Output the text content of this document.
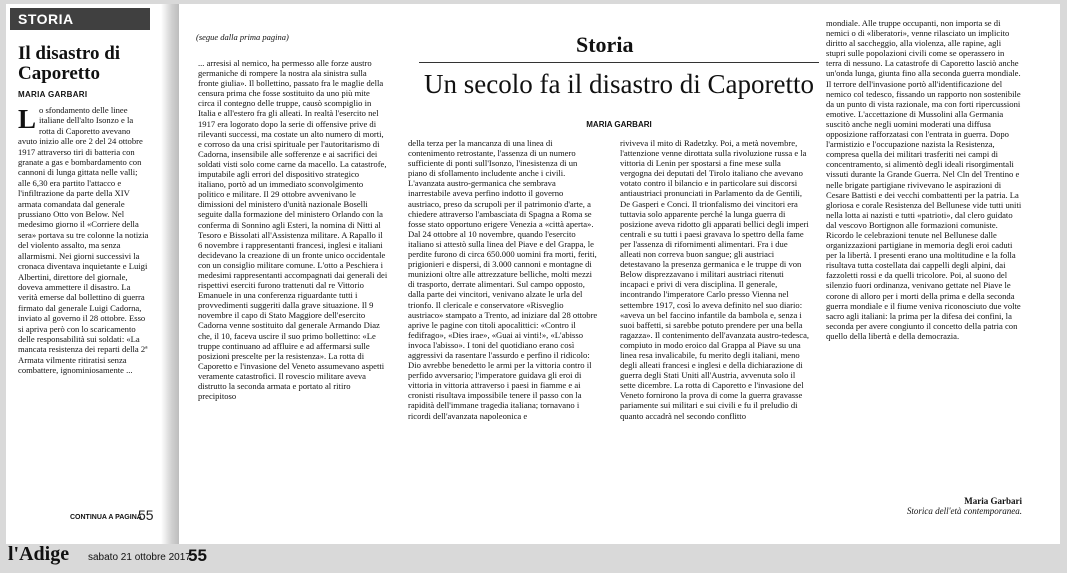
STORIA
Il disastro di Caporetto
MARIA GARBARI
L o sfondamento delle linee italiane dell'alto Isonzo e la rotta di Caporetto avevano avuto inizio alle ore 2 del 24 ottobre 1917 attraverso tiri di batteria con granate a gas e bombardamento con cannoni di lunga gittata nelle valli; alle 6,30 era partito l'attacco e l'infiltrazione da parte della XIV armata comandata dal generale prussiano Otto von Below. Nel medesimo giorno il «Corriere della sera» portava su tre colonne la notizia del violento assalto, ma senza allarmismi. Nei giorni successivi la cronaca diventava inquietante e Luigi Albertini, direttore del giornale, doveva ammettere il disastro. La verità emerse dal bollettino di guerra firmato dal generale Luigi Cadorna, inviato al governo il 28 ottobre. Esso si apriva però con lo scaricamento delle responsabilità sui soldati: «La mancata resistenza dei reparti della 2ª Armata vilmente ritiratisi senza combattere, ignominiosamente ...
CONTINUA A PAGINA
55
(segue dalla prima pagina)	Storia
Un secolo fa il disastro di Caporetto
MARIA GARBARI

... arresisi al nemico, ha permesso alle forze austro germaniche di rompere la nostra ala sinistra sulla fronte giulia». Il bollettino, passato fra le maglie della censura prima che fosse sostituito da uno più mite circa il contegno delle truppe, causò scompiglio in Italia e all'estero fra gli alleati. In realtà l'esercito nel 1917 era logorato dopo la serie di offensive prive di rilevanti successi, ma costate un alto numero di morti, e corroso da una crisi spirituale per l'autoritarismo di Cadorna, insensibile alle sofferenze e ai sacrifici dei soldati visti solo come carne da macello. La catastrofe, imputabile agli errori del dispositivo strategico italiano, portò ad un immediato sconvolgimento politico e militare. Il 29 ottobre avvenivano le dimissioni del ministero d'unità nazionale Boselli seguite dalla formazione del ministero Orlando con la conferma di Sonnino agli Esteri, la nomina di Nitti al Tesoro e Bissolati all'Assistenza militare. A Rapallo il 6 novembre i rappresentanti francesi, inglesi e italiani decidevano la creazione di un fronte unico occidentale con un consiglio militare comune. L'otto a Peschiera i medesimi rappresentanti accompagnati dai generali dei rispettivi eserciti furono trattenuti dal re Vittorio Emanuele in una conferenza riguardante tutti i provvedimenti suggeriti dalla grave situazione. Il 9 novembre il capo di Stato Maggiore dell'esercito Cadorna venne sostituito dal generale Armando Diaz che, il 10, faceva uscire il suo primo bollettino: «Le truppe continuano ad affluire e ad affermarsi sulle posizioni prescelte per la resistenza». La rotta di Caporetto e l'invasione del Veneto assumevano aspetti veramente catastrofici. Il rovescio militare aveva distrutto la seconda armata e portato al ritiro precipitoso

della terza per la mancanza di una linea di contenimento retrostante, l'assenza di un numero sufficiente di ponti sull'Isonzo, l'inesistenza di un piano di sfollamento includente anche i civili. L'avanzata austro-germanica che sembrava inarrestabile aveva perfino indotto il governo austriaco, preso da scrupoli per il patrimonio d'arte, a chiedere attraverso l'ambasciata di Spagna a Roma se fosse stato opportuno erigere Venezia a «città aperta». Dal 24 ottobre al 10 novembre, quando l'esercito italiano si attestò sulla linea del Piave e del Grappa, le perdite furono di circa 650.000 uomini fra morti, feriti, prigionieri e dispersi, di 3.000 cannoni e montagne di munizioni oltre alle attrezzature belliche, molti mezzi di trasporto, derrate alimentari. Sul campo opposto, dalla parte dei vincitori, venivano alzate le urla del trionfo. Il clericale e conservatore «Risveglio austriaco» stampato a Trento, ad iniziare dal 28 ottobre aprive le pagine con titoli apocalittici: «Contro il fedifrago», «Dies irae», «Guai ai vinti!», «L'abisso invoca l'abisso». I toni del quotidiano erano così aggressivi da rasentare l'assurdo e perfino il ridicolo: Dio avrebbe benedetto le armi per la vittoria contro il perfido avversario; l'imperatore guidava gli eroi di vittoria in vittoria attraverso i paesi in fiamme e ai cronisti risultava impossibile tenere il passo con la rapidità dell'immane tragedia italiana; tornavano i ricordi dell'avanzata napoleonica e

riviveva il mito di Radetzky. Poi, a metà novembre, l'attenzione venne dirottata sulla rivoluzione russa e la vittoria di Lenin per spostarsi a fine mese sulla vergogna dei deputati del Tirolo italiano che avevano votato contro il bilancio e in particolare sui discorsi antiaustriaci pronunciati in Parlamento da de Gentili, De Gasperi e Conci. Il trionfalismo dei vincitori era tuttavia solo apparente perché la lunga guerra di posizione aveva ridotto gli apparati bellici degli imperi centrali e su tutti i paesi gravava lo spettro della fame per l'assenza di rifornimenti alimentari. Fra i due alleati non correva buon sangue; gli austriaci detestavano la presenza germanica e le truppe di von Below disprezzavano i militari austriaci ritenuti incapaci e privi di vera disciplina. Il generale, incontrando l'imperatore Carlo presso Vienna nel settembre 1917, così lo aveva definito nel suo diario: «aveva un bel faccino infantile da bambola e, senza i suoi baffetti, si sarebbe potuto prendere per una bella ragazza». Il contenimento dell'avanzata austro-tedesca, compiuto in modo eroico dal Grappa al Piave su una linea resa invalicabile, fu merito degli italiani, meno degli alleati francesi e inglesi e della dichiarazione di guerra degli Stati Uniti all'Austria, avvenuta solo il sette dicembre. La rotta di Caporetto e l'invasione del Veneto fornirono la prova di come la guerra gravasse pariamente sui militari e sui civili e fu il preludio di quanto accadrà nel secondo conflitto

mondiale. Alle truppe occupanti, non importa se di nemici o di «liberatori», venne rilasciato un implicito diritto al saccheggio, alla violenza, alle rapine, agli stupri sulle popolazioni civili come se operassero in terra di nessuno. La catastrofe di Caporetto lasciò anche un'onda lunga, giunta fino alla seconda guerra mondiale. Il terrore dell'invasione portò all'identificazione del nemico col tedesco, fissando un rapporto non sostenibile da un punto di vista razionale, ma con forti ripercussioni emotive. L'accettazione di Mussolini alla Germania suscitò anche negli uomini moderati una diffusa opposizione rafforzatasi con l'entrata in guerra. Dopo l'armistizio e l'occupazione nazista la Resistenza, compresa quella dei militari trasferiti nei campi di concentramento, si alimentò degli ideali risorgimentali vissuti durante la Grande Guerra. Nel Cln del Trentino e nelle brigate partigiane rivivevano le aspirazioni di Cesare Battisti e dei vecchi combattenti per la patria. La gloriosa e corale Resistenza del Bellunese vide tutti uniti nella lotta ai nazisti e tutti «patrioti», dal clero guidato dal vescovo Bortignon alle formazioni comuniste. Ricordo le celebrazioni tenute nel Bellunese dalle organizzazioni partigiane in memoria degli eroi caduti per la libertà. I presenti erano una moltitudine e la folla risultava tutta costellata dai cappelli degli alpini, dai fazzoletti rossi e da quelli tricolore. Poi, al suono del silenzio fuori ordinanza, venivano gettate nel Piave le corone di alloro per i morti della prima e della seconda guerra mondiale e il fiume veniva riconosciuto due volte sacro agli italiani: la prima per la difesa dei confini, la seconda per avere congiunto il concetto della patria con quello della libertà e della democrazia.

Maria Garbari
Storica dell'età contemporanea.
l'Adige sabato 21 ottobre 2017
55
